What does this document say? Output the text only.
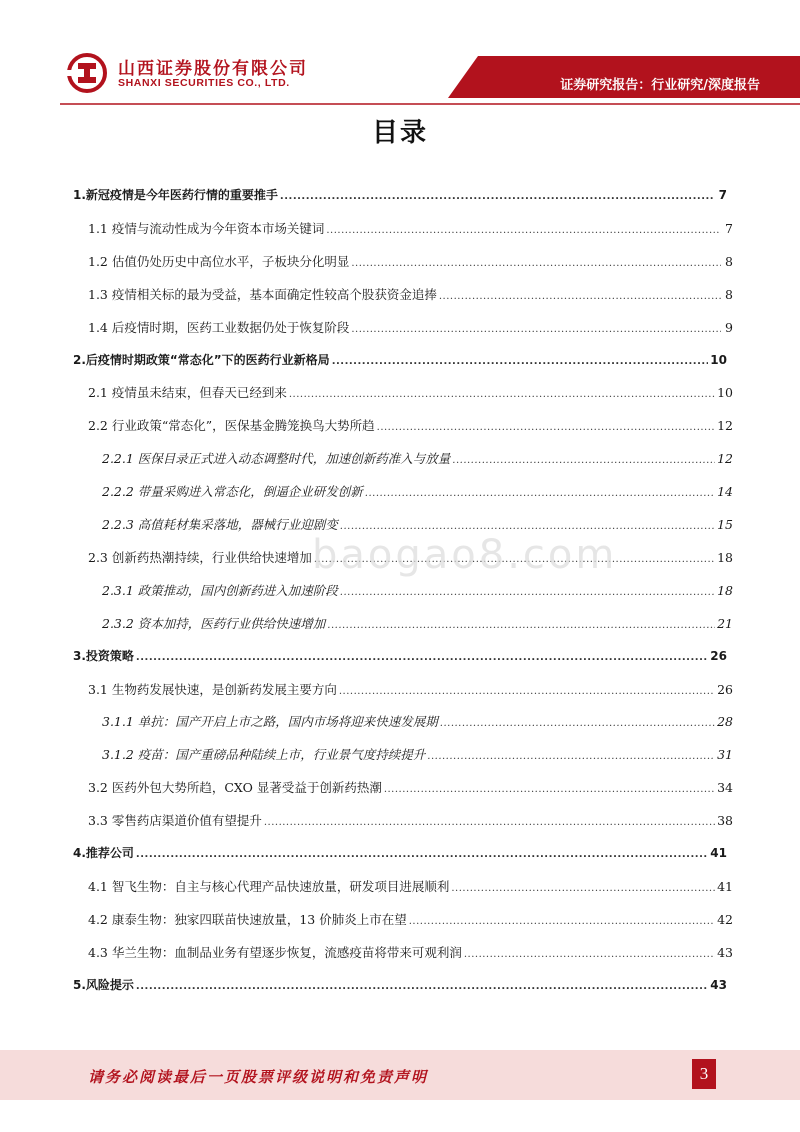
山西证券股份有限公司
SHANXI SECURITIES CO., LTD.	证券研究报告：行业研究/深度报告
目录
1.新冠疫情是今年医药行情的重要推手 .....	7
1.1 疫情与流动性成为今年资本市场关键词 .....	7
1.2 估值仍处历史中高位水平，子板块分化明显 .....	8
1.3 疫情相关标的最为受益，基本面确定性较高个股获资金追捧 .....	8
1.4 后疫情时期，医药工业数据仍处于恢复阶段 .....	9
2.后疫情时期政策“常态化”下的医药行业新格局 .....	10
2.1 疫情虽未结束，但春天已经到来 .....	10
2.2 行业政策“常态化”，医保基金腾笼换鸟大势所趋 .....	12
2.2.1 医保目录正式进入动态调整时代，加速创新药准入与放量 .....	12
2.2.2 带量采购进入常态化，倒逼企业研发创新 .....	14
2.2.3 高值耗材集采落地，器械行业迎剧变 .....	15
2.3 创新药热潮持续，行业供给快速增加 .....	18
2.3.1 政策推动，国内创新药进入加速阶段 .....	18
2.3.2 资本加持，医药行业供给快速增加 .....	21
3.投资策略 .....	26
3.1 生物药发展快速，是创新药发展主要方向 .....	26
3.1.1 单抗：国产开启上市之路，国内市场将迎来快速发展期 .....	28
3.1.2 疫苗：国产重磅品种陆续上市，行业景气度持续提升 .....	31
3.2 医药外包大势所趋，CXO 显著受益于创新药热潮 .....	34
3.3 零售药店渠道价值有望提升 .....	38
4.推荐公司 .....	41
4.1 智飞生物：自主与核心代理产品快速放量，研发项目进展顺利 .....	41
4.2 康泰生物：独家四联苗快速放量，13 价肺炎上市在望 .....	42
4.3 华兰生物：血制品业务有望逐步恢复，流感疫苗将带来可观利润 .....	43
5.风险提示 .....	43
baogao8.com
请务必阅读最后一页股票评级说明和免责声明	3
